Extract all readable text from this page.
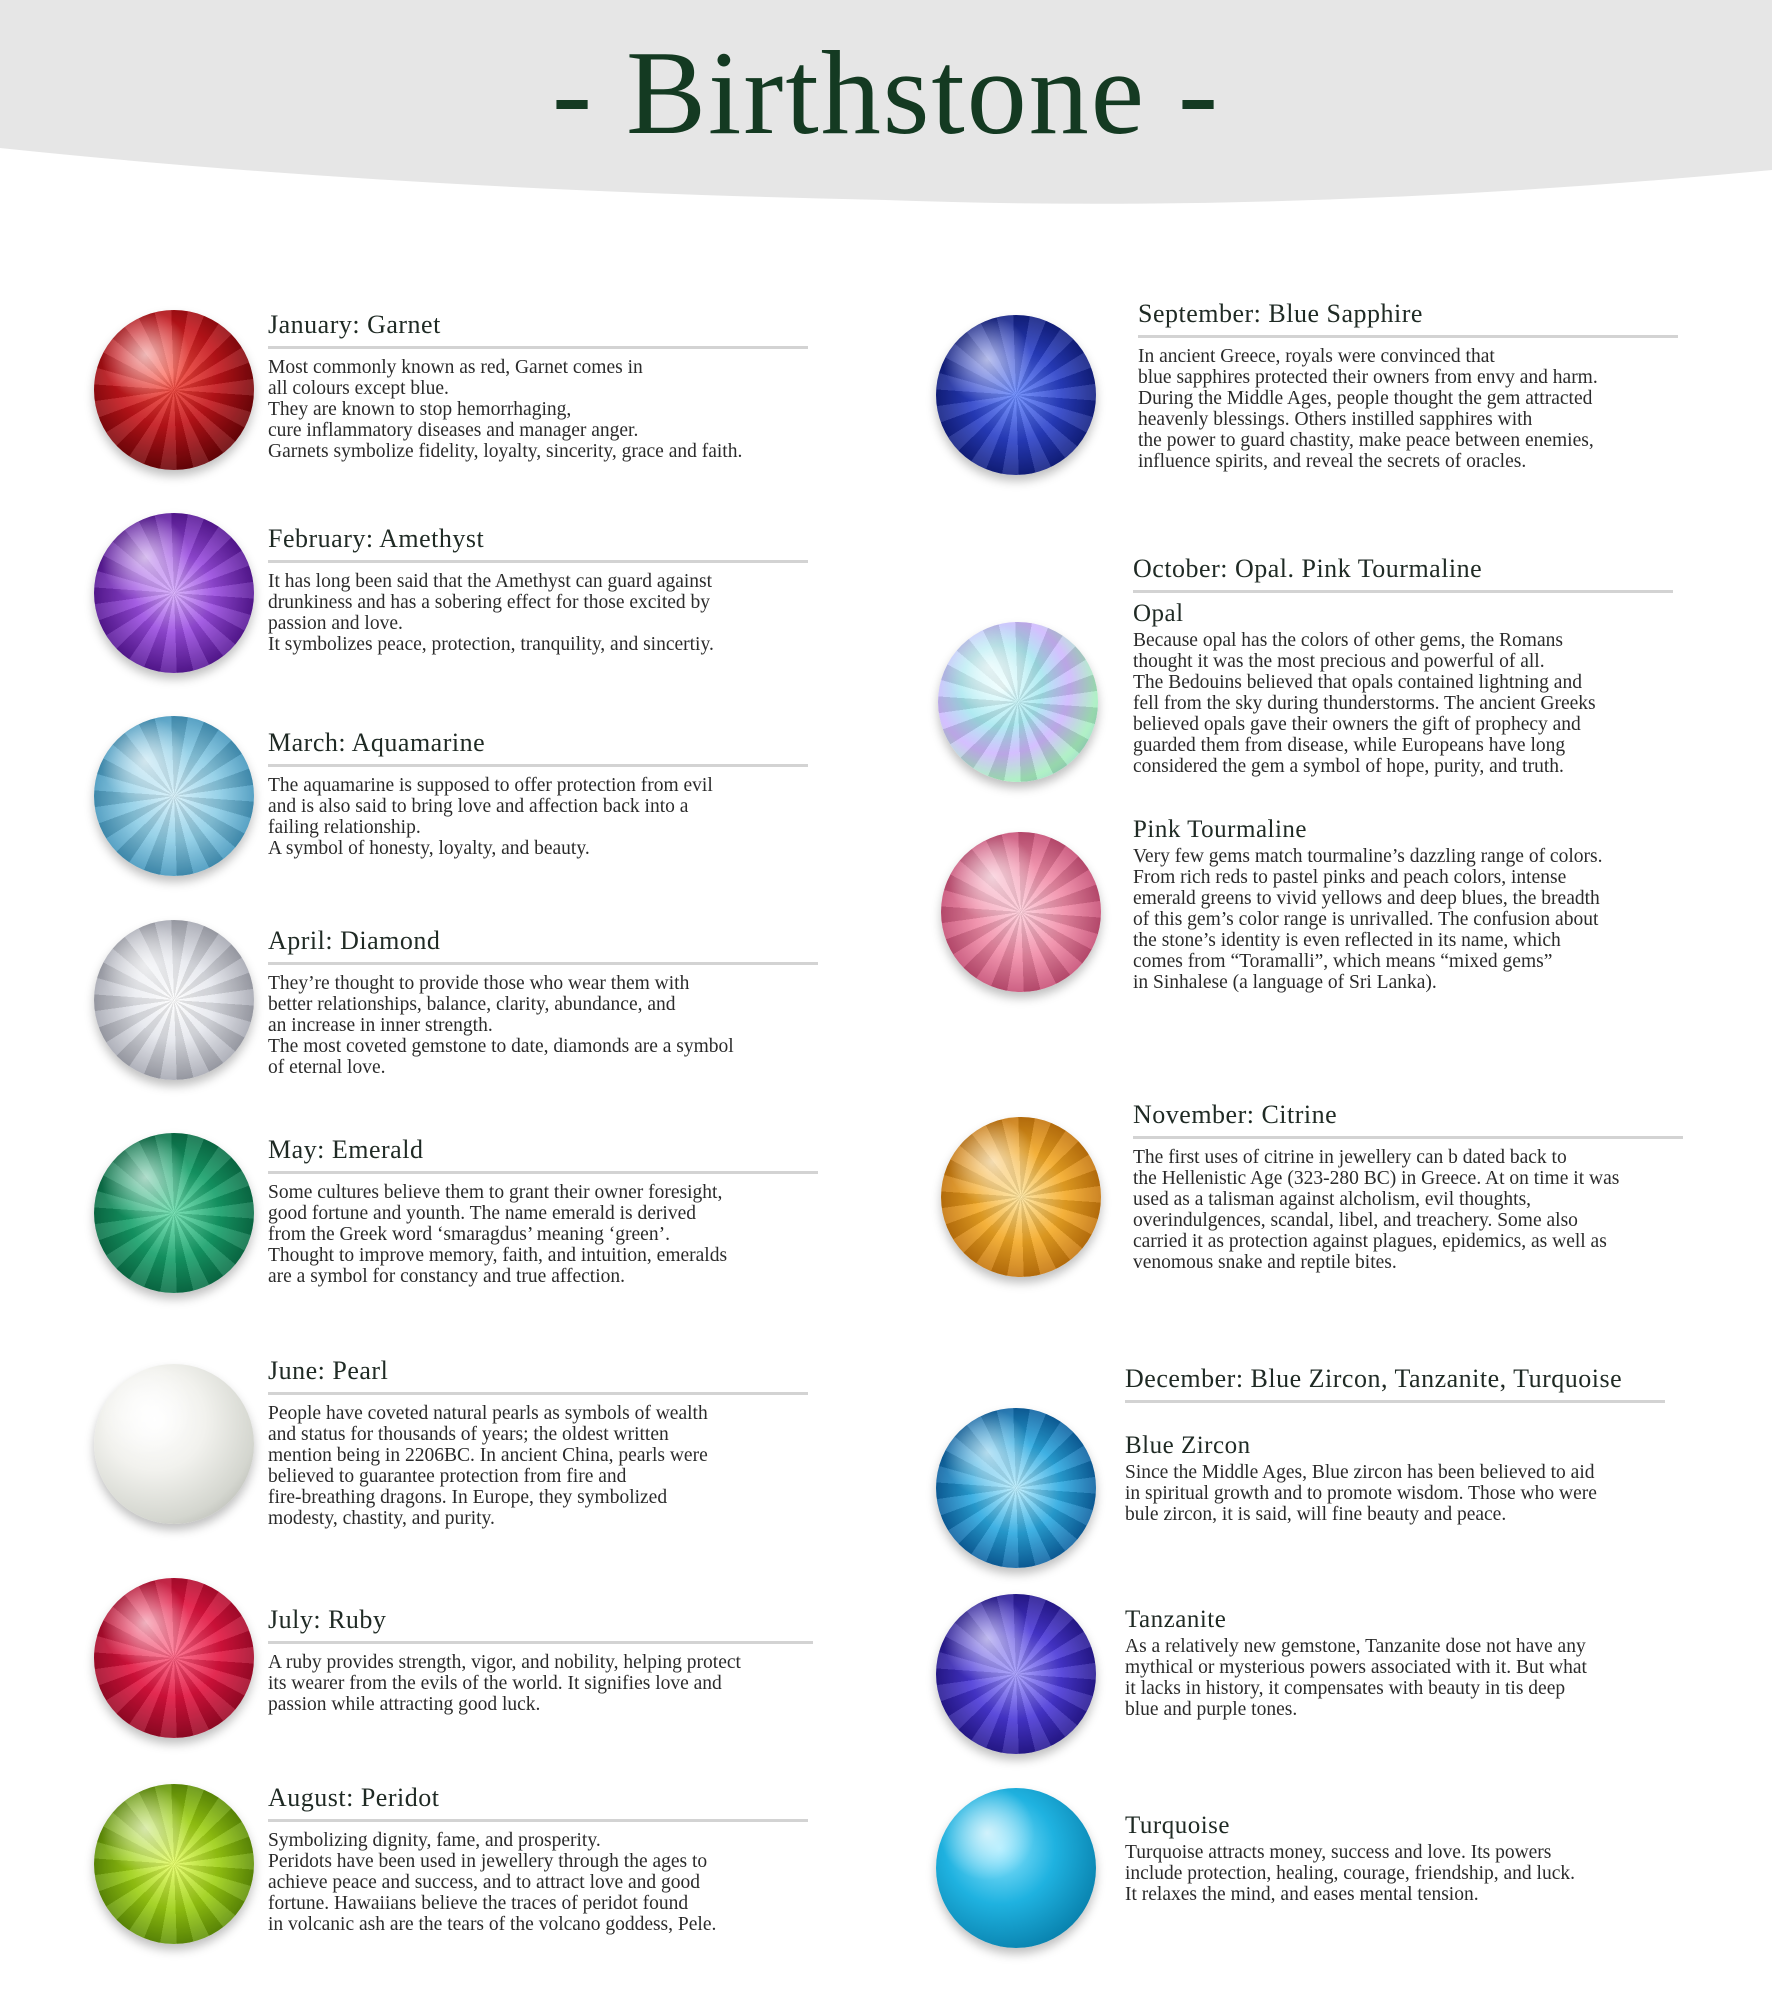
- Birthstone -
January: Garnet

Most commonly known as red, Garnet comes in
all colours except blue.
They are known to stop hemorrhaging,
cure inflammatory diseases and manager anger.
Garnets symbolize fidelity, loyalty, sincerity, grace and faith.

February: Amethyst

It has long been said that the Amethyst can guard against
drunkiness and has a sobering effect for those excited by
passion and love.
It symbolizes peace, protection, tranquility, and sincertiy.

March: Aquamarine

The aquamarine is supposed to offer protection from evil
and is also said to bring love and affection back into a
failing relationship.
A symbol of honesty, loyalty, and beauty.

April: Diamond

They’re thought to provide those who wear them with
better relationships, balance, clarity, abundance, and
an increase in inner strength.
The most coveted gemstone to date, diamonds are a symbol
of eternal love.

May: Emerald

Some cultures believe them to grant their owner foresight,
good fortune and younth. The name emerald is derived
from the Greek word ‘smaragdus’ meaning ‘green’.
Thought to improve memory, faith, and intuition, emeralds
are a symbol for constancy and true affection.

June: Pearl

People have coveted natural pearls as symbols of wealth
and status for thousands of years; the oldest written
mention being in 2206BC. In ancient China, pearls were
believed to guarantee protection from fire and
fire-breathing dragons. In Europe, they symbolized
modesty, chastity, and purity.

July: Ruby

A ruby provides strength, vigor, and nobility, helping protect
its wearer from the evils of the world. It signifies love and
passion while attracting good luck.

August: Peridot

Symbolizing dignity, fame, and prosperity.
Peridots have been used in jewellery through the ages to
achieve peace and success, and to attract love and good
fortune. Hawaiians believe the traces of peridot found
in volcanic ash are the tears of the volcano goddess, Pele.

September: Blue Sapphire

In ancient Greece, royals were convinced that
blue sapphires protected their owners from envy and harm.
During the Middle Ages, people thought the gem attracted
heavenly blessings. Others instilled sapphires with
the power to guard chastity, make peace between enemies,
influence spirits, and reveal the secrets of oracles.

October: Opal. Pink Tourmaline
Opal

Because opal has the colors of other gems, the Romans
thought it was the most precious and powerful of all.
The Bedouins believed that opals contained lightning and
fell from the sky during thunderstorms. The ancient Greeks
believed opals gave their owners the gift of prophecy and
guarded them from disease, while Europeans have long
considered the gem a symbol of hope, purity, and truth.

Pink Tourmaline

Very few gems match tourmaline’s dazzling range of colors.
From rich reds to pastel pinks and peach colors, intense
emerald greens to vivid yellows and deep blues, the breadth
of this gem’s color range is unrivalled. The confusion about
the stone’s identity is even reflected in its name, which
comes from “Toramalli”, which means “mixed gems”
in Sinhalese (a language of Sri Lanka).

November: Citrine

The first uses of citrine in jewellery can b dated back to
the Hellenistic Age (323-280 BC) in Greece. At on time it was
used as a talisman against alcholism, evil thoughts,
overindulgences, scandal, libel, and treachery. Some also
carried it as protection against plagues, epidemics, as well as
venomous snake and reptile bites.

December: Blue Zircon, Tanzanite, Turquoise
Blue Zircon

Since the Middle Ages, Blue zircon has been believed to aid
in spiritual growth and to promote wisdom. Those who were
bule zircon, it is said, will fine beauty and peace.

Tanzanite

As a relatively new gemstone, Tanzanite dose not have any
mythical or mysterious powers associated with it. But what
it lacks in history, it compensates with beauty in tis deep
blue and purple tones.

Turquoise

Turquoise attracts money, success and love. Its powers
include protection, healing, courage, friendship, and luck.
It relaxes the mind, and eases mental tension.
